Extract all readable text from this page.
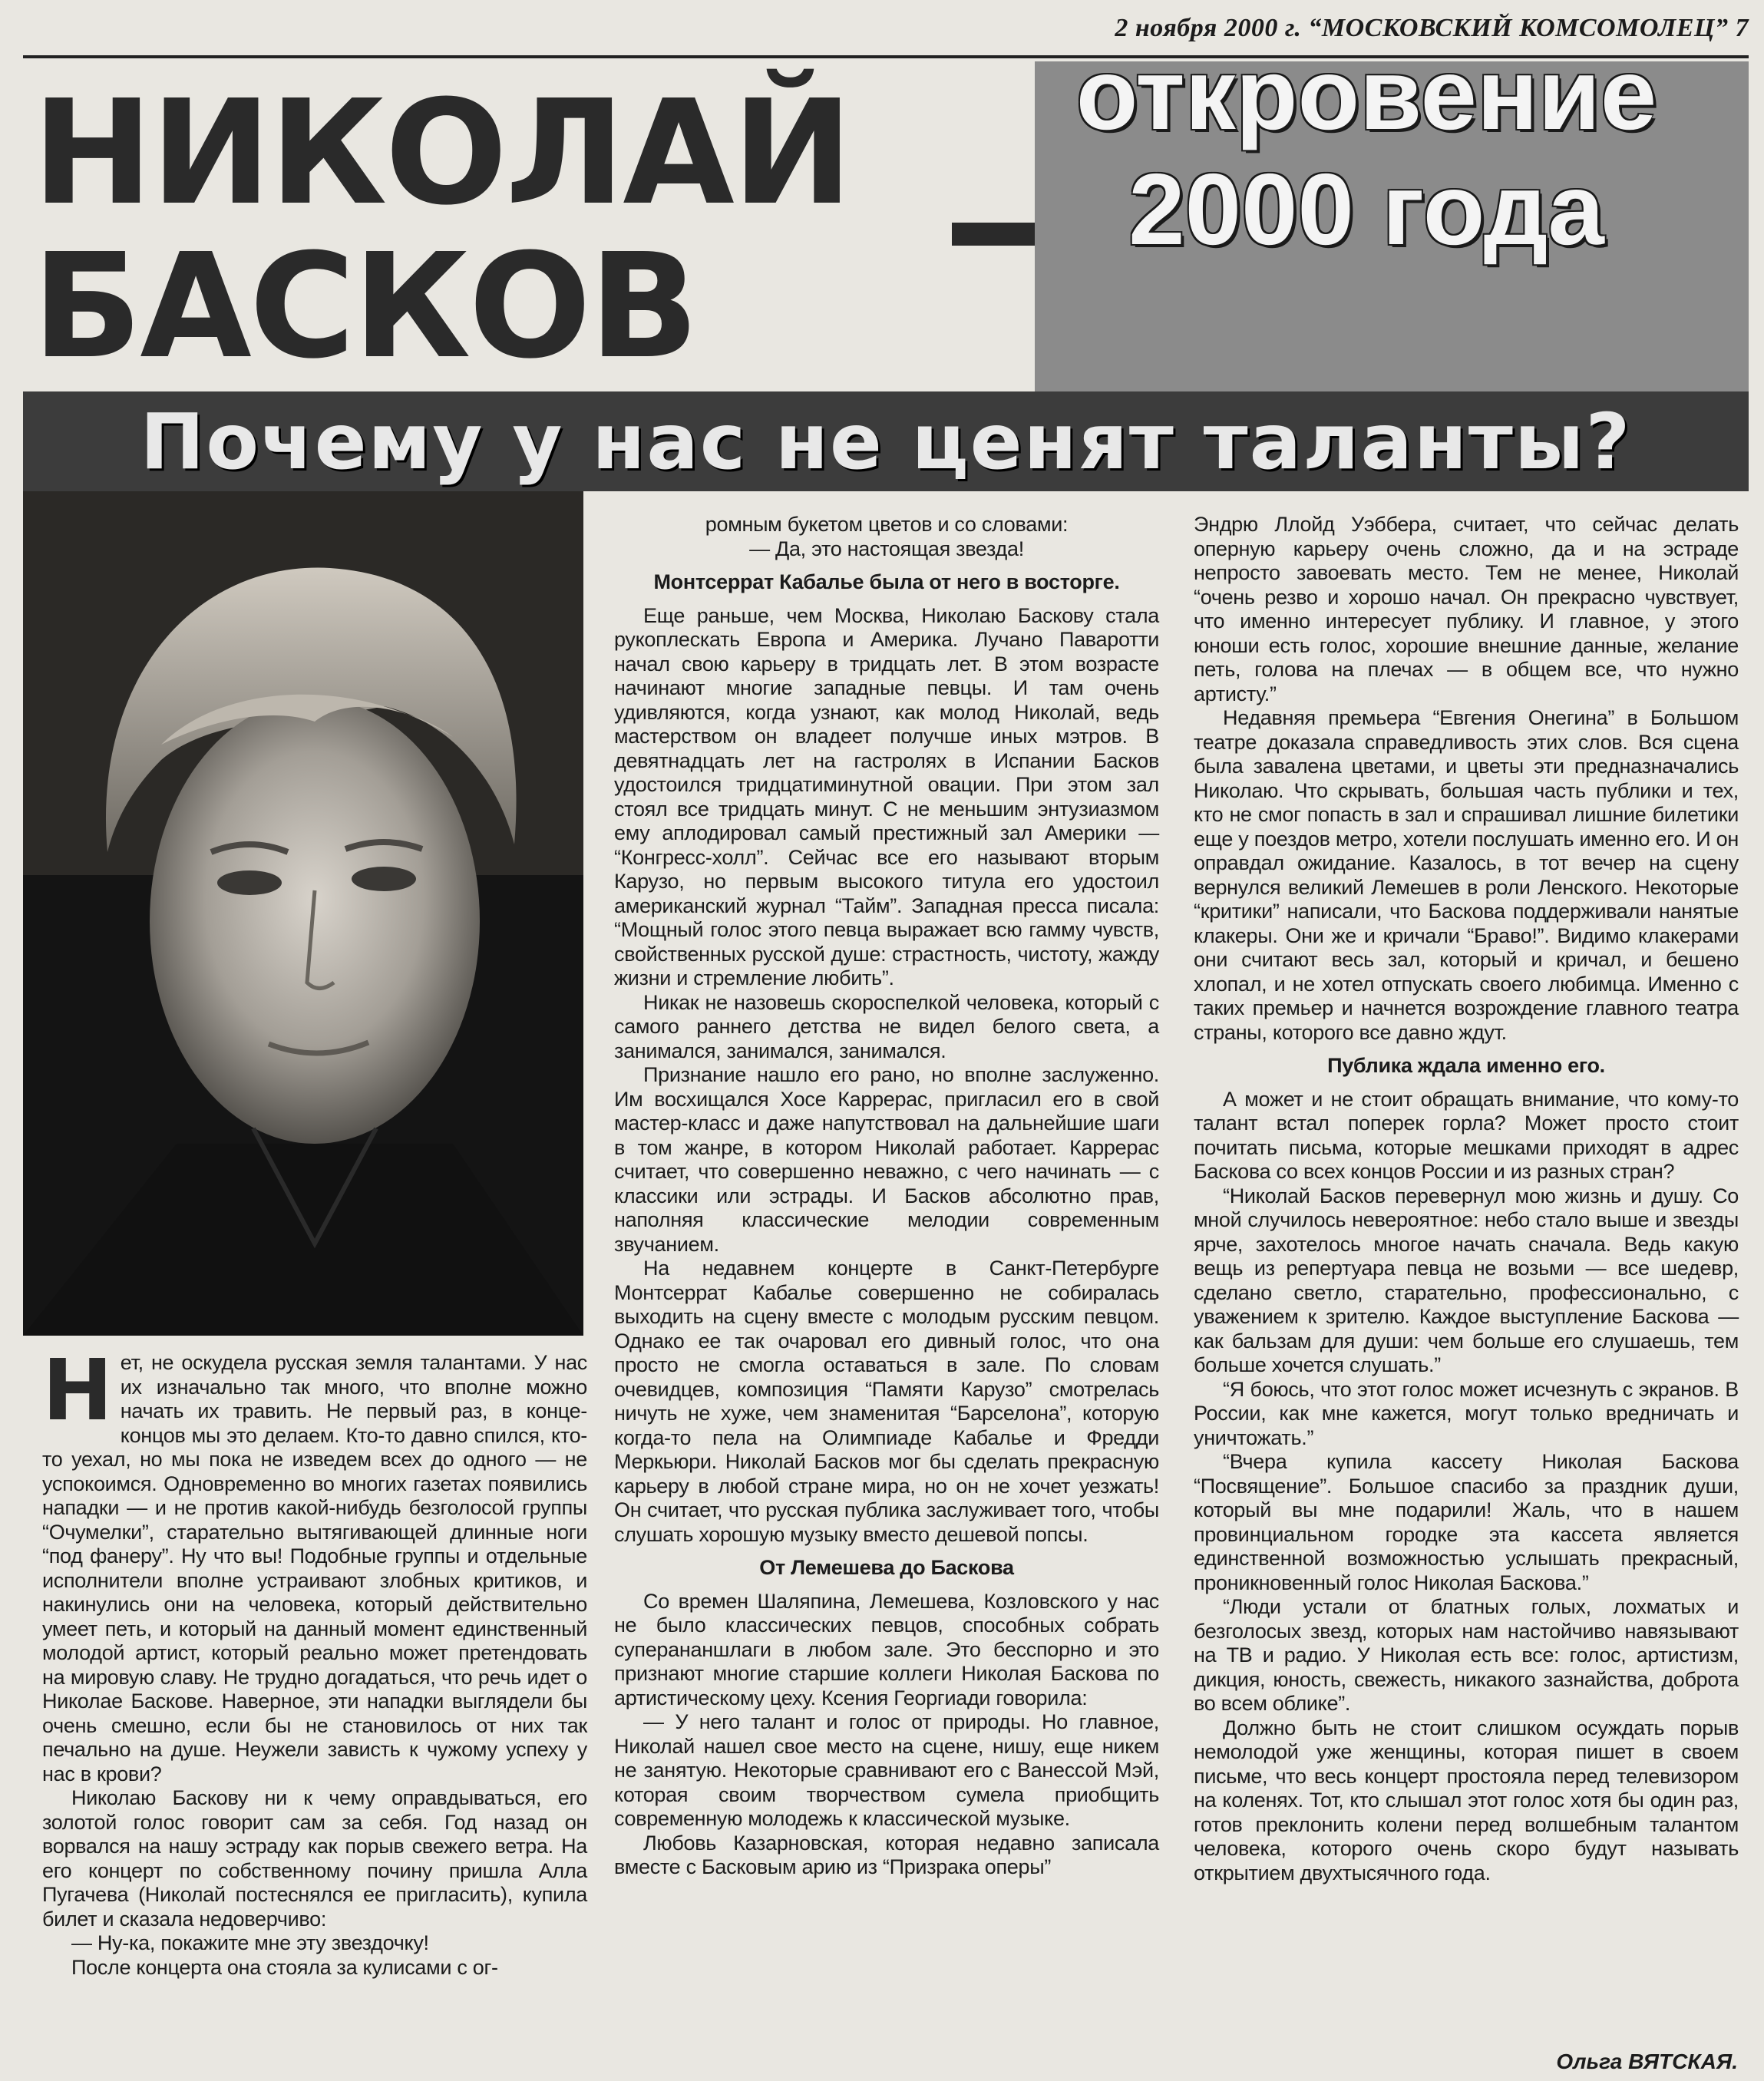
2 ноября 2000 г. “МОСКОВСКИЙ КОМСОМОЛЕЦ” 7
НИКОЛАЙ
БАСКОВ
откровение
2000 года
Почему у нас не ценят таланты?

Н ет, не оскудела русская земля талантами. У нас их изначально так много, что вполне можно начать их травить. Не первый раз, в конце-концов мы это делаем. Кто-то давно спился, кто-то уехал, но мы пока не изведем всех до одного — не успокоимся. Одновременно во многих газетах появились нападки — и не против какой-нибудь безголосой группы “Очумелки”, старательно вытягивающей длинные ноги “под фанеру”. Ну что вы! Подобные группы и отдельные исполнители вполне устраивают злобных критиков, и накинулись они на человека, который действительно умеет петь, и который на данный момент единственный молодой артист, который реально может претендовать на мировую славу. Не трудно догадаться, что речь идет о Николае Баскове. Наверное, эти нападки выглядели бы очень смешно, если бы не становилось от них так печально на душе. Неужели зависть к чужому успеху у нас в крови?

Николаю Баскову ни к чему оправдываться, его золотой голос говорит сам за себя. Год назад он ворвался на нашу эстраду как порыв свежего ветра. На его концерт по собственному почину пришла Алла Пугачева (Николай постеснялся ее пригласить), купила билет и сказала недоверчиво:

— Ну-ка, покажите мне эту звездочку!

После концерта она стояла за кулисами с ог-

ромным букетом цветов и со словами:

— Да, это настоящая звезда!

Монтсеррат Кабалье была от него в восторге.

Еще раньше, чем Москва, Николаю Баскову стала рукоплескать Европа и Америка. Лучано Паваротти начал свою карьеру в тридцать лет. В этом возрасте начинают многие западные певцы. И там очень удивляются, когда узнают, как молод Николай, ведь мастерством он владеет получше иных мэтров. В девятнадцать лет на гастролях в Испании Басков удостоился тридцатиминутной овации. При этом зал стоял все тридцать минут. С не меньшим энтузиазмом ему аплодировал самый престижный зал Америки — “Конгресс-холл”. Сейчас все его называют вторым Карузо, но первым высокого титула его удостоил американский журнал “Тайм”. Западная пресса писала: “Мощный голос этого певца выражает всю гамму чувств, свойственных русской душе: страстность, чистоту, жажду жизни и стремление любить”.

Никак не назовешь скороспелкой человека, который с самого раннего детства не видел белого света, а занимался, занимался, занимался.

Признание нашло его рано, но вполне заслуженно. Им восхищался Хосе Каррерас, пригласил его в свой мастер-класс и даже напутствовал на дальнейшие шаги в том жанре, в котором Николай работает. Каррерас считает, что совершенно неважно, с чего начинать — с классики или эстрады. И Басков абсолютно прав, наполняя классические мелодии современным звучанием.

На недавнем концерте в Санкт-Петербурге Монтсеррат Кабалье совершенно не собиралась выходить на сцену вместе с молодым русским певцом. Однако ее так очаровал его дивный голос, что она просто не смогла оставаться в зале. По словам очевидцев, композиция “Памяти Карузо” смотрелась ничуть не хуже, чем знаменитая “Барселона”, которую когда-то пела на Олимпиаде Кабалье и Фредди Меркьюри. Николай Басков мог бы сделать прекрасную карьеру в любой стране мира, но он не хочет уезжать! Он считает, что русская публика заслуживает того, чтобы слушать хорошую музыку вместо дешевой попсы.

От Лемешева до Баскова

Со времен Шаляпина, Лемешева, Козловского у нас не было классических певцов, способных собрать суперананшлаги в любом зале. Это бесспорно и это признают многие старшие коллеги Николая Баскова по артистическому цеху. Ксения Георгиади говорила:

— У него талант и голос от природы. Но главное, Николай нашел свое место на сцене, нишу, еще никем не занятую. Некоторые сравнивают его с Ванессой Мэй, которая своим творчеством сумела приобщить современную молодежь к классической музыке.

Любовь Казарновская, которая недавно записала вместе с Басковым арию из “Призрака оперы”

Эндрю Ллойд Уэббера, считает, что сейчас делать оперную карьеру очень сложно, да и на эстраде непросто завоевать место. Тем не менее, Николай “очень резво и хорошо начал. Он прекрасно чувствует, что именно интересует публику. И главное, у этого юноши есть голос, хорошие внешние данные, желание петь, голова на плечах — в общем все, что нужно артисту.”

Недавняя премьера “Евгения Онегина” в Большом театре доказала справедливость этих слов. Вся сцена была завалена цветами, и цветы эти предназначались Николаю. Что скрывать, большая часть публики и тех, кто не смог попасть в зал и спрашивал лишние билетики еще у поездов метро, хотели послушать именно его. И он оправдал ожидание. Казалось, в тот вечер на сцену вернулся великий Лемешев в роли Ленского. Некоторые “критики” написали, что Баскова поддерживали нанятые клакеры. Они же и кричали “Браво!”. Видимо клакерами они считают весь зал, который и кричал, и бешено хлопал, и не хотел отпускать своего любимца. Именно с таких премьер и начнется возрождение главного театра страны, которого все давно ждут.

Публика ждала именно его.

А может и не стоит обращать внимание, что кому-то талант встал поперек горла? Может просто стоит почитать письма, которые мешками приходят в адрес Баскова со всех концов России и из разных стран?

“Николай Басков перевернул мою жизнь и душу. Со мной случилось невероятное: небо стало выше и звезды ярче, захотелось многое начать сначала. Ведь какую вещь из репертуара певца не возьми — все шедевр, сделано светло, старательно, профессионально, с уважением к зрителю. Каждое выступление Баскова — как бальзам для души: чем больше его слушаешь, тем больше хочется слушать.”

“Я боюсь, что этот голос может исчезнуть с экранов. В России, как мне кажется, могут только вредничать и уничтожать.”

“Вчера купила кассету Николая Баскова “Посвящение”. Большое спасибо за праздник души, который вы мне подарили! Жаль, что в нашем провинциальном городке эта кассета является единственной возможностью услышать прекрасный, проникновенный голос Николая Баскова.”

“Люди устали от блатных голых, лохматых и безголосых звезд, которых нам настойчиво навязывают на ТВ и радио. У Николая есть все: голос, артистизм, дикция, юность, свежесть, никакого зазнайства, доброта во всем облике”.

Должно быть не стоит слишком осуждать порыв немолодой уже женщины, которая пишет в своем письме, что весь концерт простояла перед телевизором на коленях. Тот, кто слышал этот голос хотя бы один раз, готов преклонить колени перед волшебным талантом человека, которого очень скоро будут называть открытием двухтысячного года.

Ольга ВЯТСКАЯ.
